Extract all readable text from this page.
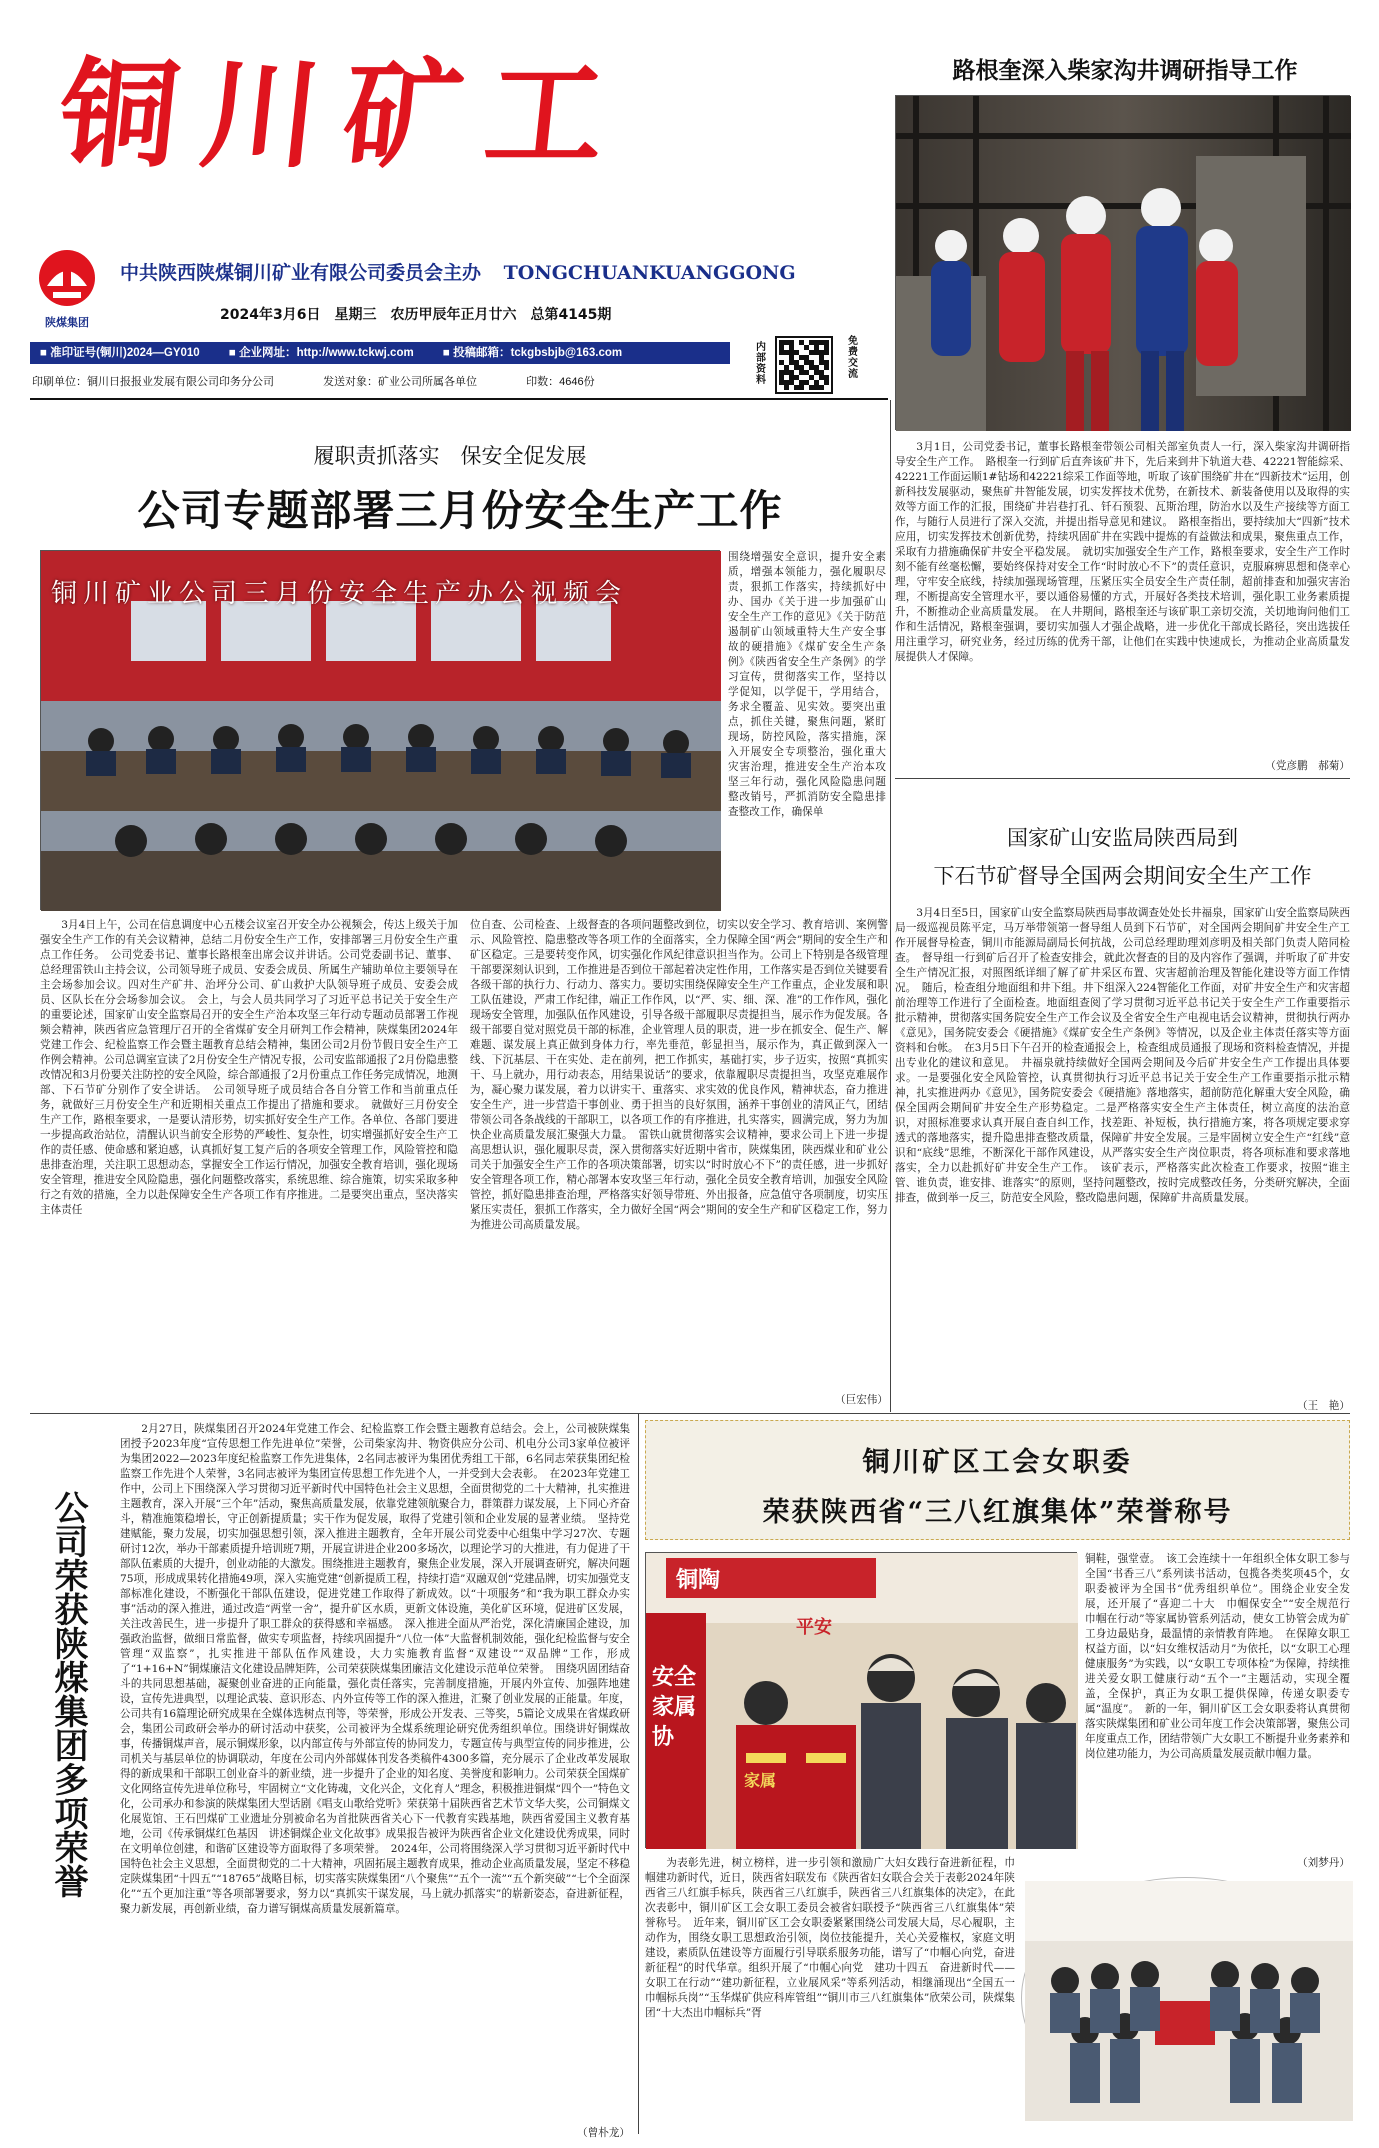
铜川矿工
陕煤集团
中共陕西陕煤铜川矿业有限公司委员会主办 TONGCHUANKUANGGONG
2024年3月6日　星期三　农历甲辰年正月廿六　总第4145期
■ 准印证号(铜川)2024—GY010	■ 企业网址：http://www.tckwj.com	■ 投稿邮箱：tckgbsbjb@163.com
印刷单位：铜川日报报业发展有限公司印务分公司	发送对象：矿业公司所属各单位	印数：4646份
内部资料
免费交流
路根奎深入柴家沟井调研指导工作
3月1日，公司党委书记，董事长路根奎带领公司相关部室负责人一行，深入柴家沟井调研指导安全生产工作。　路根奎一行到矿后直奔该矿井下，先后来到井下轨道大巷、42221智能綜采、42221工作面运顺1#钻场和42221综采工作面等地，听取了该矿围绕矿井在“四新技术”运用，创新科技发展驱动，聚焦矿井智能发展，切实发挥技术优势，在新技术、新装备使用以及取得的实效等方面工作的汇报，围绕矿井岩巷打孔、钎石预裂、瓦斯治理，防治水以及生产接续等方面工作，与随行人员进行了深入交流，并提出指导意见和建议。　路根奎指出，要持续加大“四新”技术应用，切实发挥技术创新优势，持续巩固矿井在实践中提炼的有益做法和成果，聚焦重点工作，采取有力措施确保矿井安全平稳发展。　就切实加强安全生产工作，路根奎要求，安全生产工作时刻不能有丝毫松懈，要始终保持对安全工作“时时放心不下”的责任意识，克服麻痹思想和侥幸心理，守牢安全底线，持续加强现场管理，压紧压实全员安全生产责任制，超前排查和加强灾害治理，不断提高安全管理水平，要以通俗易懂的方式，开展好各类技术培训，强化职工业务素质提升，不断推动企业高质量发展。　在人井期间，路根奎还与该矿职工亲切交流，关切地询问他们工作和生活情况，路根奎强调，要切实加强人才强企战略，进一步优化干部成长路径，突出选拔任用注重学习，研究业务，经过历练的优秀干部，让他们在实践中快速成长，为推动企业高质量发展提供人才保障。
（党彦鹏　郝菊）
国家矿山安监局陕西局到
下石节矿督导全国两会期间安全生产工作
3月4日至5日，国家矿山安全监察局陕西局事故调查处处长井福泉，国家矿山安全监察局陕西局一级巡视员陈平定，马万举带领第一督导组人员到下石节矿，对全国两会期间矿井安全生产工作开展督导检查，铜川市能源局副局长何抗战，公司总经理助理刘彦明及相关部门负责人陪同检查。　督导组一行到矿后召开了检查安排会，就此次督查的目的及内容作了强调，并听取了矿井安全生产情况汇报，对照图纸详细了解了矿井采区布置、灾害超前治理及智能化建设等方面工作情况。　随后，检查组分地面组和井下组。井下组深入224智能化工作面，对矿井安全生产和灾害超前治理等工作进行了全面检查。地面组查阅了学习贯彻习近平总书记关于安全生产工作重要指示批示精神，贯彻落实国务院安全生产工作会议及全省安全生产电视电话会议精神，贯彻执行两办《意见》，国务院安委会《硬措施》《煤矿安全生产条例》等情况，以及企业主体责任落实等方面资料和台帐。　在3月5日下午召开的检查通报会上，检查组成员通报了现场和资料检查情况，并提出专业化的建议和意见。　井福泉就持续做好全国两会期间及今后矿井安全生产工作提出具体要求。一是要强化安全风险管控，认真贯彻执行习近平总书记关于安全生产工作重要指示批示精神，扎实推进两办《意见》，国务院安委会《硬措施》落地落实，超前防范化解重大安全风险，确保全国两会期间矿井安全生产形势稳定。二是严格落实安全生产主体责任，树立高度的法治意识，对照标准要求认真开展自查自纠工作，找差距、补短板，执行措施方案，将各项规定要求穿透式的落地落实，提升隐患排查整改质量，保障矿井安全发展。三是牢固树立安全生产“红线”意识和“底线”思维，不断深化干部作风建设，从严落实安全生产岗位职责，将各项标准和要求落地落实，全力以赴抓好矿井安全生产工作。　该矿表示，严格落实此次检查工作要求，按照“谁主管、谁负责，谁安排、谁落实”的原则，坚持问题整改，按时完成整改任务，分类研究解决，全面排查，做到举一反三，防范安全风险，整改隐患问题，保障矿井高质量发展。
（王　艳）
履职责抓落实　保安全促发展
公司专题部署三月份安全生产工作
铜川矿业公司三月份安全生产办公视频会
围绕增强安全意识，提升安全素质，增强本领能力，强化履职尽责，狠抓工作落实，持续抓好中办、国办《关于进一步加强矿山安全生产工作的意见》《关于防范遏制矿山领域重特大生产安全事故的硬措施》《煤矿安全生产条例》《陕西省安全生产条例》的学习宣传，贯彻落实工作，坚持以学促知，以学促干，学用结合，务求全覆盖、见实效。要突出重点，抓住关键，聚焦问题，紧盯现场，防控风险，落实措施，深入开展安全专项整治，强化重大灾害治理，推进安全生产治本攻坚三年行动，强化风险隐患问题整改销号，严抓消防安全隐患排查整改工作，确保单
3月4日上午，公司在信息调度中心五楼会议室召开安全办公视频会，传达上级关于加强安全生产工作的有关会议精神，总结二月份安全生产工作，安排部署三月份安全生产重点工作任务。　公司党委书记、董事长路根奎出席会议并讲话。公司党委副书记、董事、总经理雷铁山主持会议，公司领导班子成员、安委会成员、所属生产辅助单位主要领导在主会场参加会议。四对生产矿井、治坪分公司、矿山救护大队领导班子成员、安委会成员、区队长在分会场参加会议。　会上，与会人员共同学习了习近平总书记关于安全生产的重要论述，国家矿山安全监察局召开的安全生产治本攻坚三年行动专题动员部署工作视频会精神，陕西省应急管理厅召开的全省煤矿安全月研判工作会精神，陕煤集团2024年党建工作会、纪检监察工作会暨主题教育总结会精神，集团公司2月份节假日安全生产工作例会精神。公司总调室宣读了2月份安全生产情况专报，公司安监部通报了2月份隐患整改情况和3月份要关注防控的安全风险，综合部通报了2月份重点工作任务完成情况，地测部、下石节矿分别作了安全讲话。　公司领导班子成员结合各自分管工作和当前重点任务，就做好三月份安全生产和近期相关重点工作提出了措施和要求。　就做好三月份安全生产工作，路根奎要求，一是要认清形势，切实抓好安全生产工作。各单位、各部门要进一步提高政治站位，清醒认识当前安全形势的严峻性、复杂性，切实增强抓好安全生产工作的责任感、使命感和紧迫感，认真抓好复工复产后的各项安全管理工作，风险管控和隐患排查治理，关注职工思想动态，掌握安全工作运行情况，加强安全教育培训，强化现场安全管理，推进安全风险隐患，强化问题整改落实，系统思维、综合施策，切实采取多种行之有效的措施，全力以赴保障安全生产各项工作有序推进。二是要突出重点，坚决落实主体责任
位自查、公司检查、上级督查的各项问题整改到位，切实以安全学习、教育培训、案例警示、风险管控、隐患整改等各项工作的全面落实，全力保障全国“两会”期间的安全生产和矿区稳定。三是要转变作风，切实强化作风纪律意识担当作为。公司上下特别是各级管理干部要深刻认识到，工作推进是否到位干部起着决定性作用，工作落实是否到位关键要看各级干部的执行力、行动力、落实力。要切实围绕保障安全生产工作重点，企业发展和职工队伍建设，严肃工作纪律，端正工作作风，以“严、实、细、深、准”的工作作风，强化现场安全管理，加强队伍作风建设，引导各级干部履职尽责提担当，展示作为促发展。各级干部要自觉对照党员干部的标准，企业管理人员的职责，进一步在抓安全、促生产、解难题、谋发展上真正做到身体力行，率先垂范，彰显担当，展示作为，真正做到深入一线、下沉基层、干在实处、走在前列，把工作抓实，基础打实，步子迈实，按照“真抓实干、马上就办，用行动表态，用结果说话”的要求，依靠履职尽责提担当，攻坚克难展作为，凝心聚力谋发展，着力以讲实干、重落实、求实效的优良作风，精神状态，奋力推进安全生产，进一步营造干事创业、勇于担当的良好氛围，涵养干事创业的清风正气，团结带领公司各条战线的干部职工，以各项工作的有序推进，扎实落实，圆满完成，努力为加快企业高质量发展汇聚强大力量。　雷铁山就贯彻落实会议精神，要求公司上下进一步提高思想认识，强化履职尽责，深入贯彻落实好近期中省市，陕煤集团，陕西煤业和矿业公司关于加强安全生产工作的各项决策部署，切实以“时时放心不下”的责任感，进一步抓好安全管理各项工作，精心部署本安攻坚三年行动，强化全员安全教育培训，加强安全风险管控，抓好隐患排查治理，严格落实好领导带班、外出报备，应急值守各项制度，切实压紧压实责任，狠抓工作落实，全力做好全国“两会”期间的安全生产和矿区稳定工作，努力为推进公司高质量发展。
（巨宏伟）
公司荣获陕煤集团多项荣誉
2月27日，陕煤集团召开2024年党建工作会、纪检监察工作会暨主题教育总结会。会上，公司被陕煤集团授予2023年度“宣传思想工作先进单位”荣誉，公司柴家沟井、物资供应分公司、机电分公司3家单位被评为集团2022—2023年度纪检监察工作先进集体，2名同志被评为集团优秀组工干部，6名同志荣获集团纪检监察工作先进个人荣誉，3名同志被评为集团宣传思想工作先进个人，一并受到大会表彰。　在2023年党建工作中，公司上下围绕深入学习贯彻习近平新时代中国特色社会主义思想，全面贯彻党的二十大精神，扎实推进主题教育，深入开展“三个年”活动，聚焦高质量发展，依靠党建领航聚合力，群策群力谋发展，上下同心齐奋斗，精准施策稳增长，守正创新提质量；实干作为促发展，取得了党建引领和企业发展的显著业绩。　坚持党建赋能，聚力发展，切实加强思想引领，深入推进主题教育，全年开展公司党委中心组集中学习27次、专题研讨12次，举办干部素质提升培训班7期，开展宣讲进企业200多场次，以理论学习的大推进，有力促进了干部队伍素质的大提升，创业动能的大激发。围绕推进主题教育，聚焦企业发展，深入开展调查研究，解决问题75项，形成成果转化措施49项，深入实施党建“创新提质工程，持续打造”双融双创“党建品牌，切实加强党支部标准化建设，不断强化干部队伍建设，促进党建工作取得了新成效。以“十项服务”和“我为职工群众办实事”活动的深入推进，通过改造“两堂一舍”，提升矿区水质，更新文体设施，美化矿区环境，促进矿区发展，关注改善民生，进一步提升了职工群众的获得感和幸福感。　深入推进全面从严治党，深化清廉国企建设，加强政治监督，做细日常监督，做实专项监督，持续巩固提升“八位一体”大监督机制效能，强化纪检监督与安全管理“双监察”，扎实推进干部队伍作风建设，大力实施教育监督“双建设”“双品牌”工作，形成了“1+16+N”铜煤廉洁文化建设品牌矩阵，公司荣获陕煤集团廉洁文化建设示范单位荣誉。　围绕巩固团结奋斗的共同思想基础，凝聚创业奋进的正向能量，强化责任落实，完善制度措施，开展内外宣传、加强阵地建设，宣传先进典型，以理论武装、意识形态、内外宣传等工作的深入推进，汇聚了创业发展的正能量。年度，公司共有16篇理论研究成果在全媒体选树点刊等，等荣誉，形成公开发表、三等奖，5篇论文成果在省煤政研会，集团公司政研会举办的研讨活动中获奖，公司被评为全煤系统理论研究优秀组织单位。围绕讲好铜煤故事，传播铜煤声音，展示铜煤形象，以内部宣传与外部宣传的协同发力，专题宣传与典型宣传的同步推进，公司机关与基层单位的协调联动，年度在公司内外部媒体刊发各类稿件4300多篇，充分展示了企业改革发展取得的新成果和干部职工创业奋斗的新业绩，进一步提升了企业的知名度、美誉度和影响力。公司荣获全国煤矿文化网络宣传先进单位称号，牢固树立“文化铸魂，文化兴企，文化育人”理念，积极推进铜煤“四个一”特色文化，公司承办和参演的陕煤集团大型话剧《唱支山歌给党听》荣获第十届陕西省艺术节文华大奖，公司铜煤文化展览馆、王石凹煤矿工业遗址分别被命名为首批陕西省关心下一代教育实践基地，陕西省爱国主义教育基地，公司《传承铜煤红色基因　讲述铜煤企业文化故事》成果报告被评为陕西省企业文化建设优秀成果，同时在文明单位创建，和谐矿区建设等方面取得了多项荣誉。　2024年，公司将围绕深入学习贯彻习近平新时代中国特色社会主义思想，全面贯彻党的二十大精神，巩固拓展主题教育成果，推动企业高质量发展，坚定不移稳定陕煤集团“十四五”“18765”战略目标，切实落实陕煤集团“八个聚焦”“五个一流”“五个新突破”“七个全面深化”“五个更加注重”等各项部署要求，努力以“真抓实干谋发展，马上就办抓落实”的崭新姿态，奋进新征程，聚力新发展，再创新业绩，奋力谱写铜煤高质量发展新篇章。
（曾朴龙）
铜川矿区工会女职委
荣获陕西省“三八红旗集体”荣誉称号
铜陶
平安
安全家属协
家属
铜鞋，强堂壹。　该工会连续十一年组织全体女职工参与全国“书香三八”系列读书活动，包揽各类奖项45个，女职委被评为全国书“优秀组织单位”。围绕企业安全发展，还开展了“喜迎二十大　巾帼保安全”“安全规范行　巾帼在行动”等家属协管系列活动，使女工协管会成为矿工身边最贴身，最温情的亲情教育阵地。　在保障女职工权益方面，以“妇女维权活动月”为依托，以“女职工心理健康服务”为实践，以“女职工专项体检”为保障，持续推进关爱女职工健康行动“五个一”主题活动，实现全覆盖，全保护，真正为女职工提供保障，传递女职委专属“温度”。　新的一年，铜川矿区工会女职委将认真贯彻落实陕煤集团和矿业公司年度工作会决策部署，聚焦公司年度重点工作，团结带领广大女职工不断提升业务素养和岗位建功能力，为公司高质量发展贡献巾帼力量。
（刘梦丹）
为表彰先进，树立榜样，进一步引领和激励广大妇女践行奋进新征程，巾帼建功新时代，近日，陕西省妇联发布《陕西省妇女联合会关于表彰2024年陕西省三八红旗手标兵，陕西省三八红旗手，陕西省三八红旗集体的决定》，在此次表彰中，铜川矿区工会女职工委员会被省妇联授予“陕西省三八红旗集体”荣誉称号。　近年来，铜川矿区工会女职委紧紧围绕公司发展大局，尽心履职，主动作为，围绕女职工思想政治引领，岗位技能提升，关心关爱権权，家庭文明建设，素质队伍建设等方面履行引导联系服务功能，谱写了“巾帼心向党，奋进新征程”的时代华章。组织开展了“巾帼心向党　建功十四五　奋进新时代——女职工在行动”“建功新征程，立业展风采”等系列活动，相继涌现出“全国五一巾帼标兵岗”“玉华煤矿供应科库管组”“铜川市三八红旗集体”欣荣公司，陕煤集团“十大杰出巾帼标兵”胥
